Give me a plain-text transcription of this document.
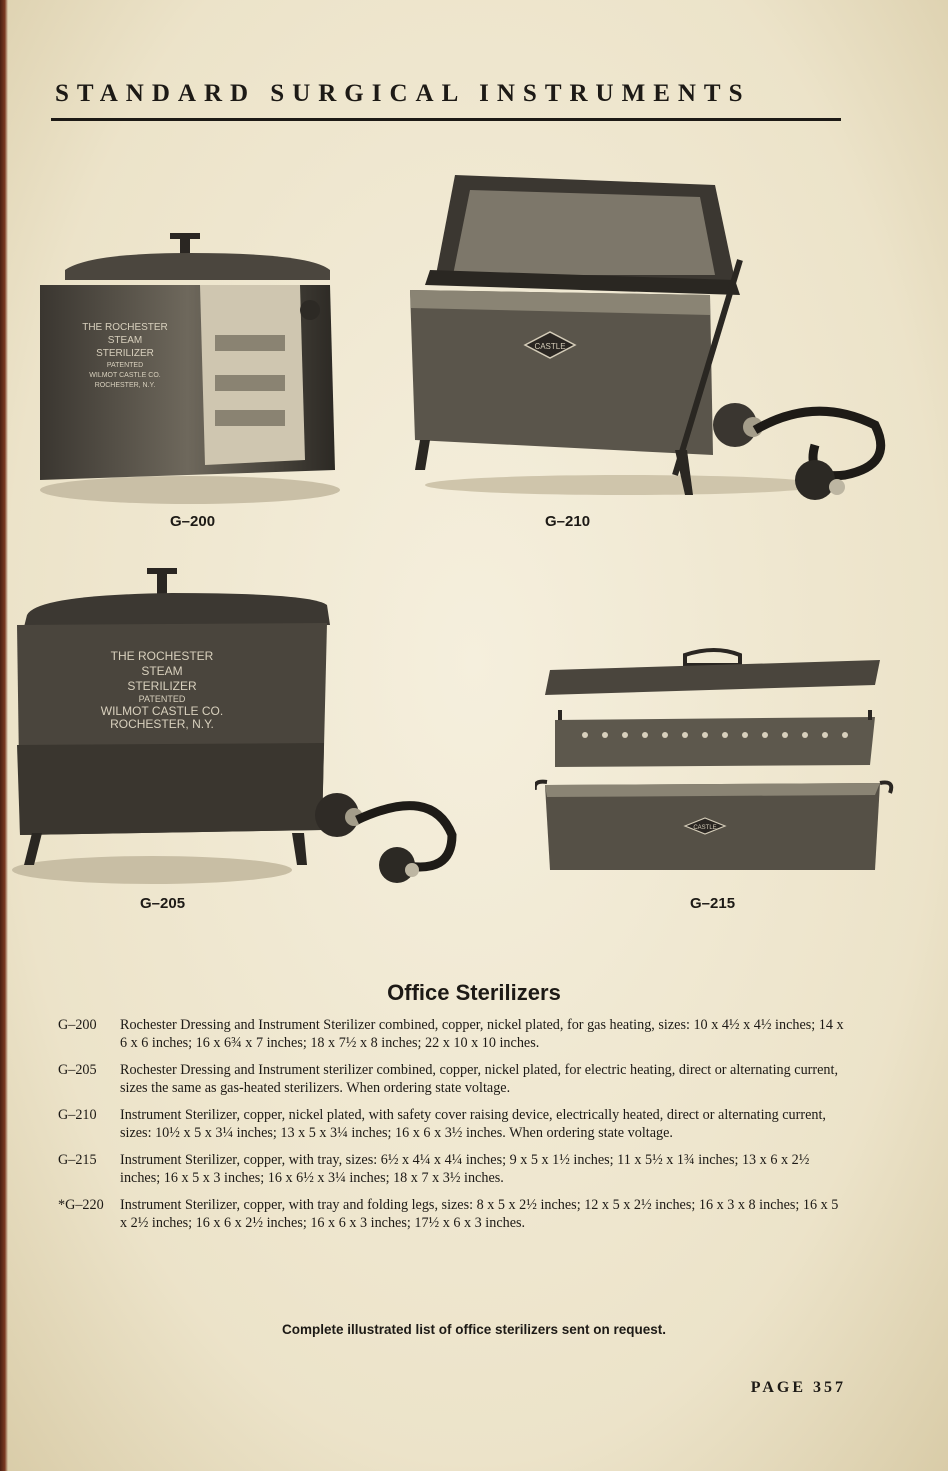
STANDARD SURGICAL INSTRUMENTS
THE ROCHESTER
STEAM
STERILIZER
PATENTED
WILMOT CASTLE CO.
ROCHESTER, N.Y.
G–200
CASTLE
G–210
THE ROCHESTER
STEAM
STERILIZER
PATENTED
WILMOT CASTLE CO.
ROCHESTER, N.Y.
G–205
CASTLE
G–215
Office Sterilizers
G–200	Rochester Dressing and Instrument Sterilizer combined, copper, nickel plated, for gas heating, sizes: 10 x 4½ x 4½ inches; 14 x 6 x 6 inches; 16 x 6¾ x 7 inches; 18 x 7½ x 8 inches; 22 x 10 x 10 inches.
G–205	Rochester Dressing and Instrument sterilizer combined, copper, nickel plated, for electric heating, direct or alternating current, sizes the same as gas-heated sterilizers. When ordering state voltage.
G–210	Instrument Sterilizer, copper, nickel plated, with safety cover raising device, electrically heated, direct or alternating current, sizes: 10½ x 5 x 3¼ inches; 13 x 5 x 3¼ inches; 16 x 6 x 3½ inches. When ordering state voltage.
G–215	Instrument Sterilizer, copper, with tray, sizes: 6½ x 4¼ x 4¼ inches; 9 x 5 x 1½ inches; 11 x 5½ x 1¾ inches; 13 x 6 x 2½ inches; 16 x 5 x 3 inches; 16 x 6½ x 3¼ inches; 18 x 7 x 3½ inches.
*G–220	Instrument Sterilizer, copper, with tray and folding legs, sizes: 8 x 5 x 2½ inches; 12 x 5 x 2½ inches; 16 x 3 x 8 inches; 16 x 5 x 2½ inches; 16 x 6 x 2½ inches; 16 x 6 x 3 inches; 17½ x 6 x 3 inches.
Complete illustrated list of office sterilizers sent on request.
PAGE 357
